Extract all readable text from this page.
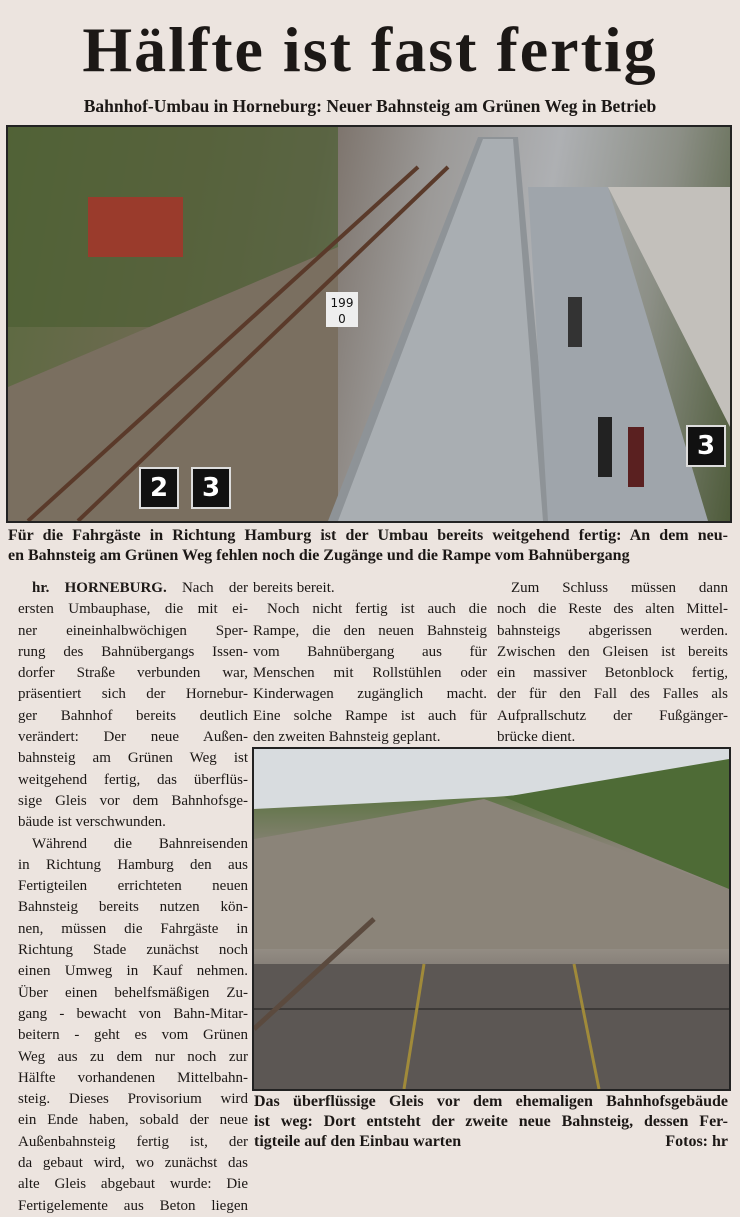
Hälfte ist fast fertig
Bahnhof-Umbau in Horneburg: Neuer Bahnsteig am Grünen Weg in Betrieb
199
0
2	3
3
Für die Fahrgäste in Richtung Hamburg ist der Umbau bereits weitgehend fertig: An dem neu-
en Bahnsteig am Grünen Weg fehlen noch die Zugänge und die Rampe vom Bahnübergang
Das überflüssige Gleis vor dem ehemaligen Bahnhofsgebäude
ist weg: Dort entsteht der zweite neue Bahnsteig, dessen Fer-
tigteile auf den Einbau warten	Fotos: hr
hr. HORNEBURG. Nach der
ersten Umbauphase, die mit ei-
ner eineinhalbwöchigen Sper-
rung des Bahnübergangs Issen-
dorfer Straße verbunden war,
präsentiert sich der Hornebur-
ger Bahnhof bereits deutlich
verändert: Der neue Außen-
bahnsteig am Grünen Weg ist
weitgehend fertig, das überflüs-
sige Gleis vor dem Bahnhofsge-
bäude ist verschwunden.
Während die Bahnreisenden
in Richtung Hamburg den aus
Fertigteilen errichteten neuen
Bahnsteig bereits nutzen kön-
nen, müssen die Fahrgäste in
Richtung Stade zunächst noch
einen Umweg in Kauf nehmen.
Über einen behelfsmäßigen Zu-
gang - bewacht von Bahn-Mitar-
beitern - geht es vom Grünen
Weg aus zu dem nur noch zur
Hälfte vorhandenen Mittelbahn-
steig. Dieses Provisorium wird
ein Ende haben, sobald der neue
Außenbahnsteig fertig ist, der
da gebaut wird, wo zunächst das
alte Gleis abgebaut wurde: Die
Fertigelemente aus Beton liegen
bereits bereit.
Noch nicht fertig ist auch die
Rampe, die den neuen Bahnsteig
vom Bahnübergang aus für
Menschen mit Rollstühlen oder
Kinderwagen zugänglich macht.
Eine solche Rampe ist auch für
den zweiten Bahnsteig geplant.
Zum Schluss müssen dann
noch die Reste des alten Mittel-
bahnsteigs abgerissen werden.
Zwischen den Gleisen ist bereits
ein massiver Betonblock fertig,
der für den Fall des Falles als
Aufprallschutz der Fußgänger-
brücke dient.
